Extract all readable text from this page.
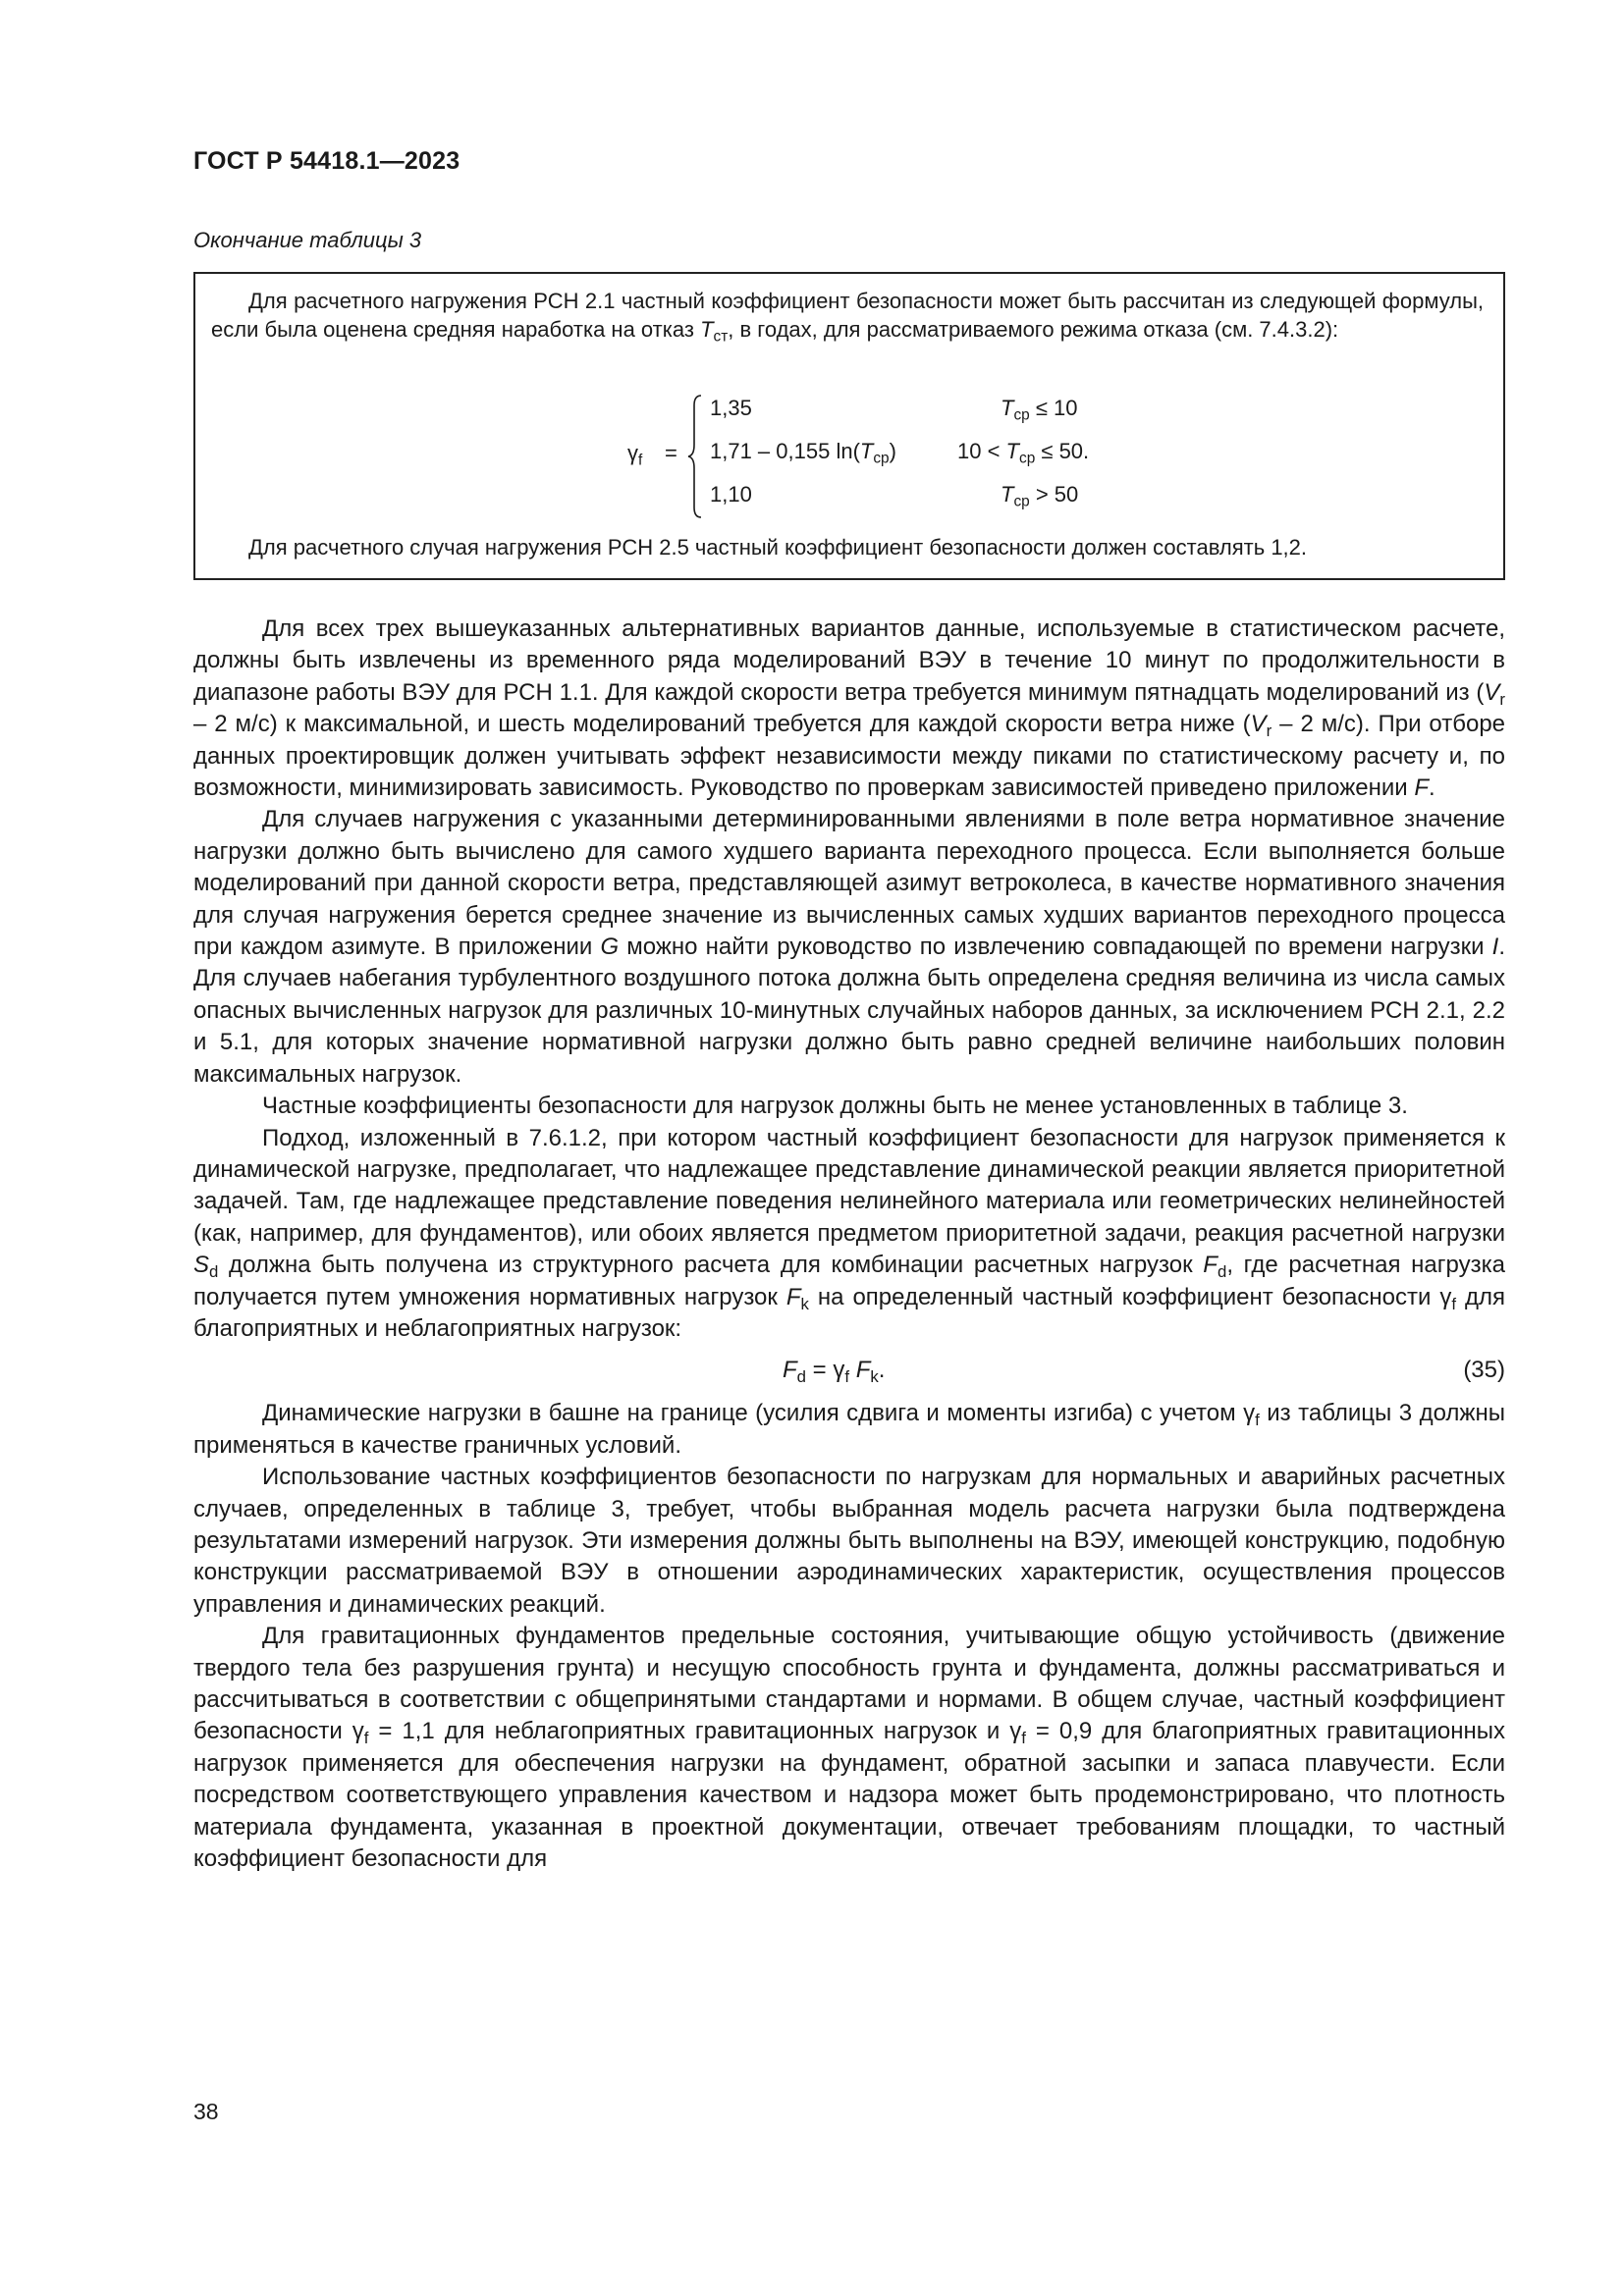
ГОСТ Р 54418.1—2023
Окончание таблицы 3
Для расчетного нагружения РСН 2.1 частный коэффициент безопасности может быть рассчитан из следующей формулы, если была оценена средняя наработка на отказ $T_{ст}$, в годах, для рассматриваемого режима отказа (см. 7.4.3.2):
$\gamma_f$ =
1,35	$T_{ср} \le 10$
1,71 – 0,155 $\ln(T_{ср})$	$10 < T_{ср} \le 50$.
1,10	$T_{ср} > 50$
Для расчетного случая нагружения РСН 2.5 частный коэффициент безопасности должен составлять 1,2.

Для всех трех вышеуказанных альтернативных вариантов данные, используемые в статистическом расчете, должны быть извлечены из временного ряда моделирований ВЭУ в течение 10 минут по продолжительности в диапазоне работы ВЭУ для РСН 1.1. Для каждой скорости ветра требуется минимум пятнадцать моделирований из ($V_r - 2$ м/с) к максимальной, и шесть моделирований требуется для каждой скорости ветра ниже ($V_r - 2$ м/с). При отборе данных проектировщик должен учитывать эффект независимости между пиками по статистическому расчету и, по возможности, минимизировать зависимость. Руководство по проверкам зависимостей приведено приложении F.

Для случаев нагружения с указанными детерминированными явлениями в поле ветра нормативное значение нагрузки должно быть вычислено для самого худшего варианта переходного процесса. Если выполняется больше моделирований при данной скорости ветра, представляющей азимут ветроколеса, в качестве нормативного значения для случая нагружения берется среднее значение из вычисленных самых худших вариантов переходного процесса при каждом азимуте. В приложении G можно найти руководство по извлечению совпадающей по времени нагрузки I. Для случаев набегания турбулентного воздушного потока должна быть определена средняя величина из числа самых опасных вычисленных нагрузок для различных 10-минутных случайных наборов данных, за исключением РСН 2.1, 2.2 и 5.1, для которых значение нормативной нагрузки должно быть равно средней величине наибольших половин максимальных нагрузок.

Частные коэффициенты безопасности для нагрузок должны быть не менее установленных в таблице 3.

Подход, изложенный в 7.6.1.2, при котором частный коэффициент безопасности для нагрузок применяется к динамической нагрузке, предполагает, что надлежащее представление динамической реакции является приоритетной задачей. Там, где надлежащее представление поведения нелинейного материала или геометрических нелинейностей (как, например, для фундаментов), или обоих является предметом приоритетной задачи, реакция расчетной нагрузки $S_d$ должна быть получена из структурного расчета для комбинации расчетных нагрузок $F_d$, где расчетная нагрузка получается путем умножения нормативных нагрузок $F_k$ на определенный частный коэффициент безопасности $\gamma_f$ для благоприятных и неблагоприятных нагрузок:

$F_d = \gamma_f$ $F_k$.	(35)

Динамические нагрузки в башне на границе (усилия сдвига и моменты изгиба) с учетом $\gamma_f$ из таблицы 3 должны применяться в качестве граничных условий.

Использование частных коэффициентов безопасности по нагрузкам для нормальных и аварийных расчетных случаев, определенных в таблице 3, требует, чтобы выбранная модель расчета нагрузки была подтверждена результатами измерений нагрузок. Эти измерения должны быть выполнены на ВЭУ, имеющей конструкцию, подобную конструкции рассматриваемой ВЭУ в отношении аэродинамических характеристик, осуществления процессов управления и динамических реакций.

Для гравитационных фундаментов предельные состояния, учитывающие общую устойчивость (движение твердого тела без разрушения грунта) и несущую способность грунта и фундамента, должны рассматриваться и рассчитываться в соответствии с общепринятыми стандартами и нормами. В общем случае, частный коэффициент безопасности $\gamma_f = 1,1$ для неблагоприятных гравитационных нагрузок и $\gamma_f = 0,9$ для благоприятных гравитационных нагрузок применяется для обеспечения нагрузки на фундамент, обратной засыпки и запаса плавучести. Если посредством соответствующего управления качеством и надзора может быть продемонстрировано, что плотность материала фундамента, указанная в проектной документации, отвечает требованиям площадки, то частный коэффициент безопасности для

38
